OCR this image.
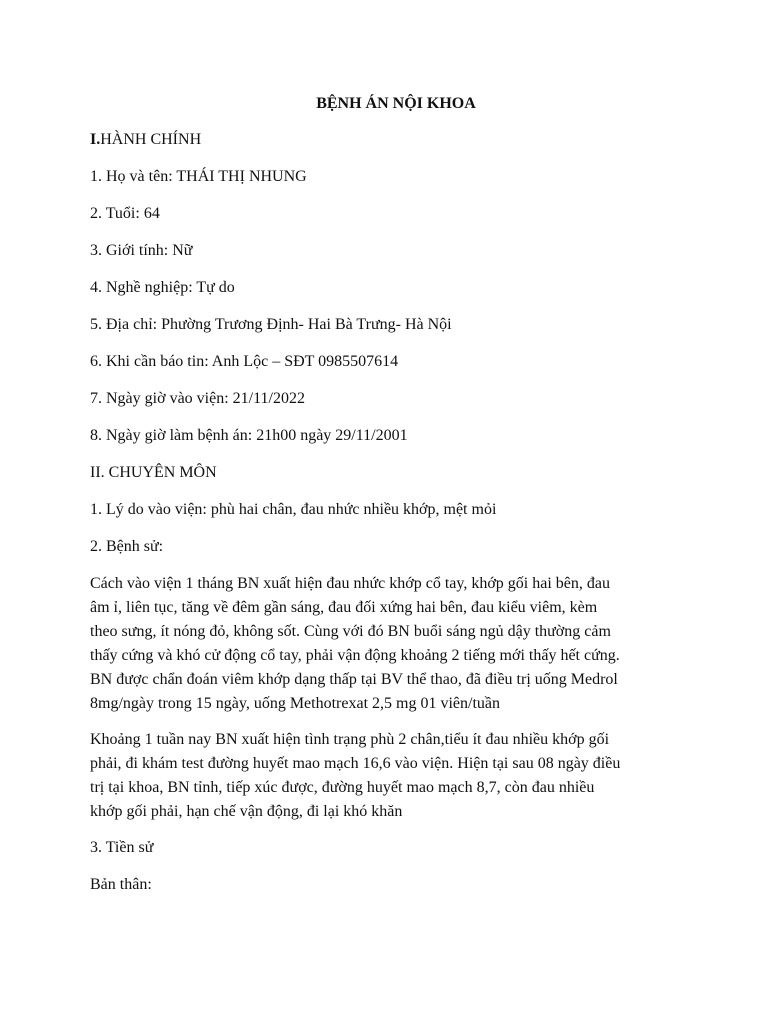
BỆNH ÁN NỘI KHOA
I.HÀNH CHÍNH
1. Họ và tên: THÁI THỊ NHUNG
2. Tuổi: 64
3. Giới tính: Nữ
4. Nghề nghiệp: Tự do
5. Địa chỉ: Phường Trương Định- Hai Bà Trưng- Hà Nội
6. Khi cần báo tin: Anh Lộc – SĐT 0985507614
7. Ngày giờ vào viện: 21/11/2022
8. Ngày giờ làm bệnh án: 21h00 ngày 29/11/2001
II. CHUYÊN MÔN
1. Lý do vào viện: phù hai chân, đau nhức nhiều khớp, mệt mỏi
2. Bệnh sử:
Cách vào viện 1 tháng BN xuất hiện đau nhức khớp cổ tay, khớp gối hai bên, đau
âm ỉ, liên tục, tăng về đêm gần sáng, đau đối xứng hai bên, đau kiểu viêm, kèm
theo sưng, ít nóng đỏ, không sốt. Cùng với đó BN buổi sáng ngủ dậy thường cảm
thấy cứng và khó cử động cổ tay, phải vận động khoảng 2 tiếng mới thấy hết cứng.
BN được chẩn đoán viêm khớp dạng thấp tại BV thể thao, đã điều trị uống Medrol
8mg/ngày trong 15 ngày, uống Methotrexat 2,5 mg 01 viên/tuần
Khoảng 1 tuần nay BN xuất hiện tình trạng phù 2 chân,tiểu ít đau nhiều khớp gối
phải, đi khám test đường huyết mao mạch 16,6 vào viện. Hiện tại sau 08 ngày điều
trị tại khoa, BN tỉnh, tiếp xúc được, đường huyết mao mạch 8,7, còn đau nhiều
khớp gối phải, hạn chế vận động, đi lại khó khăn
3. Tiền sử
Bản thân:
